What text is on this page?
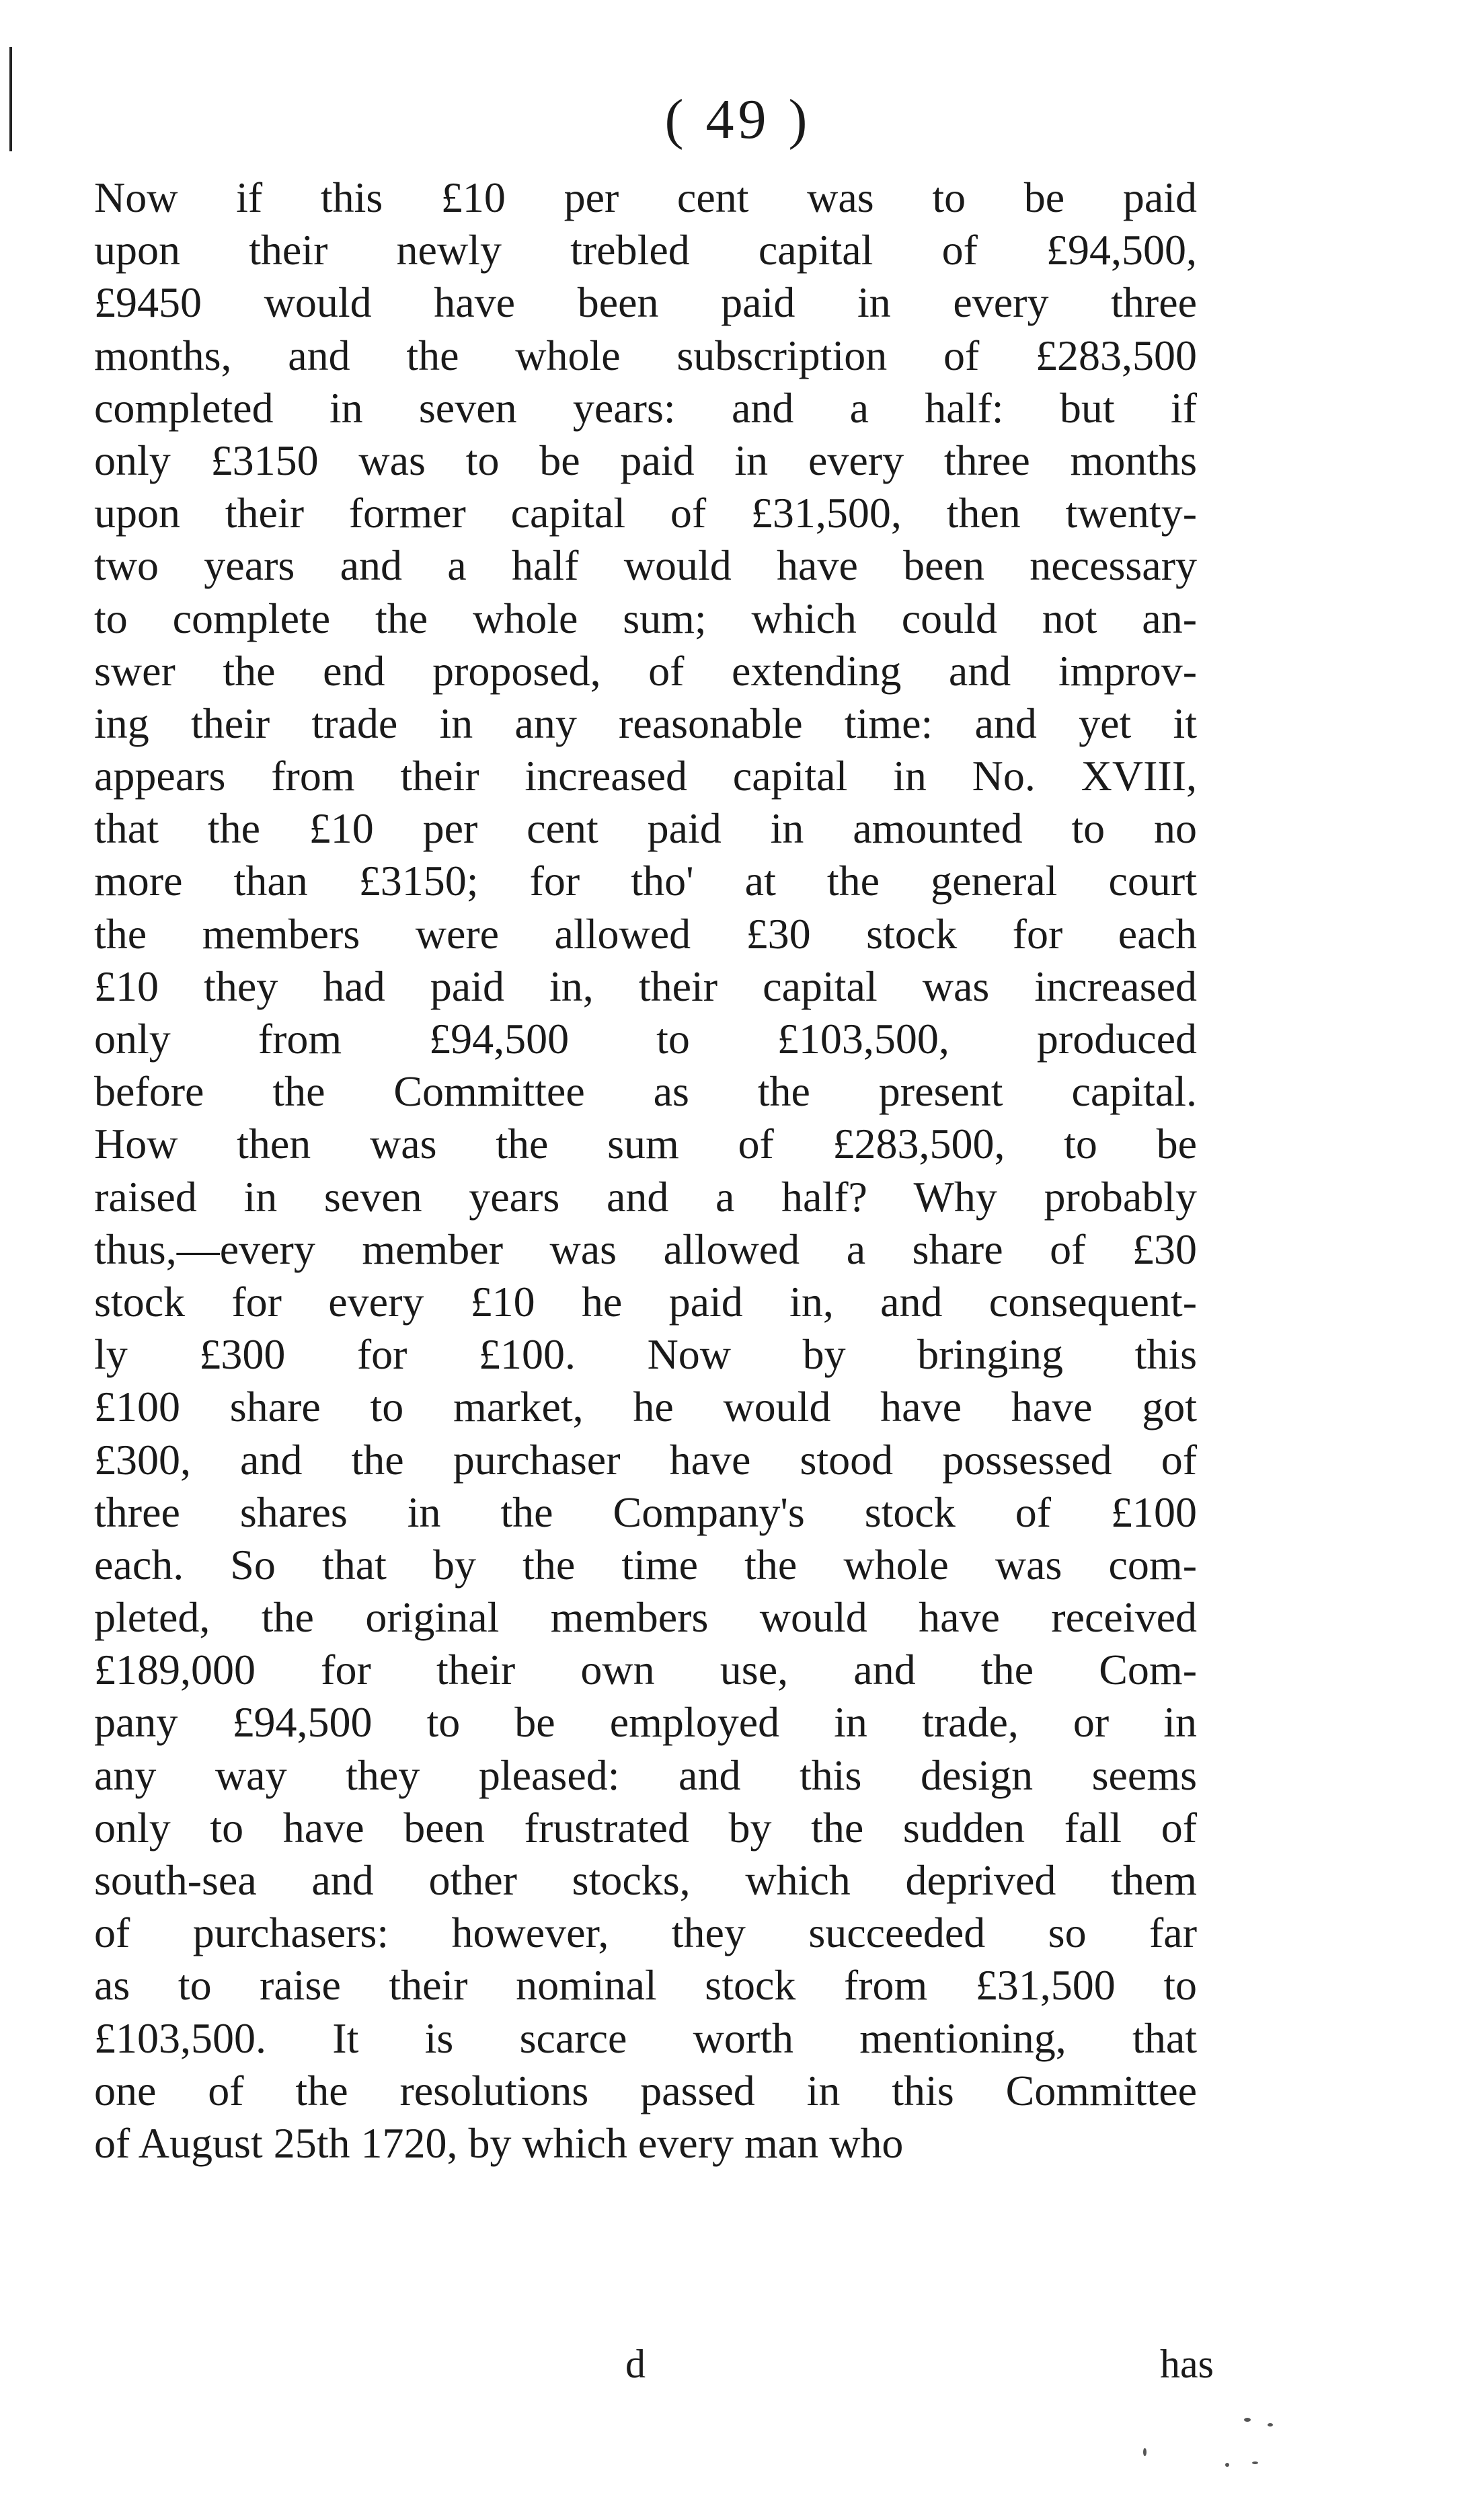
( 49 )
Now if this £10 per cent was to be paid
upon their newly trebled capital of £94,500,
£9450 would have been paid in every three
months, and the whole subscription of £283,500
completed in seven years: and a half: but if
only £3150 was to be paid in every three months
upon their former capital of £31,500, then twenty-
two years and a half would have been necessary
to complete the whole sum; which could not an-
swer the end proposed, of extending and improv-
ing their trade in any reasonable time: and yet it
appears from their increased capital in No. XVIII,
that the £10 per cent paid in amounted to no
more than £3150; for tho' at the general court
the members were allowed £30 stock for each
£10 they had paid in, their capital was increased
only from £94,500 to £103,500, produced
before the Committee as the present capital.
How then was the sum of £283,500, to be
raised in seven years and a half? Why probably
thus,—every member was allowed a share of £30
stock for every £10 he paid in, and consequent-
ly £300 for £100. Now by bringing this
£100 share to market, he would have have got
£300, and the purchaser have stood possessed of
three shares in the Company's stock of £100
each. So that by the time the whole was com-
pleted, the original members would have received
£189,000 for their own use, and the Com-
pany £94,500 to be employed in trade, or in
any way they pleased: and this design seems
only to have been frustrated by the sudden fall of
south-sea and other stocks, which deprived them
of purchasers: however, they succeeded so far
as to raise their nominal stock from £31,500 to
£103,500. It is scarce worth mentioning, that
one of the resolutions passed in this Committee
of August 25th 1720, by which every man who
d	has
